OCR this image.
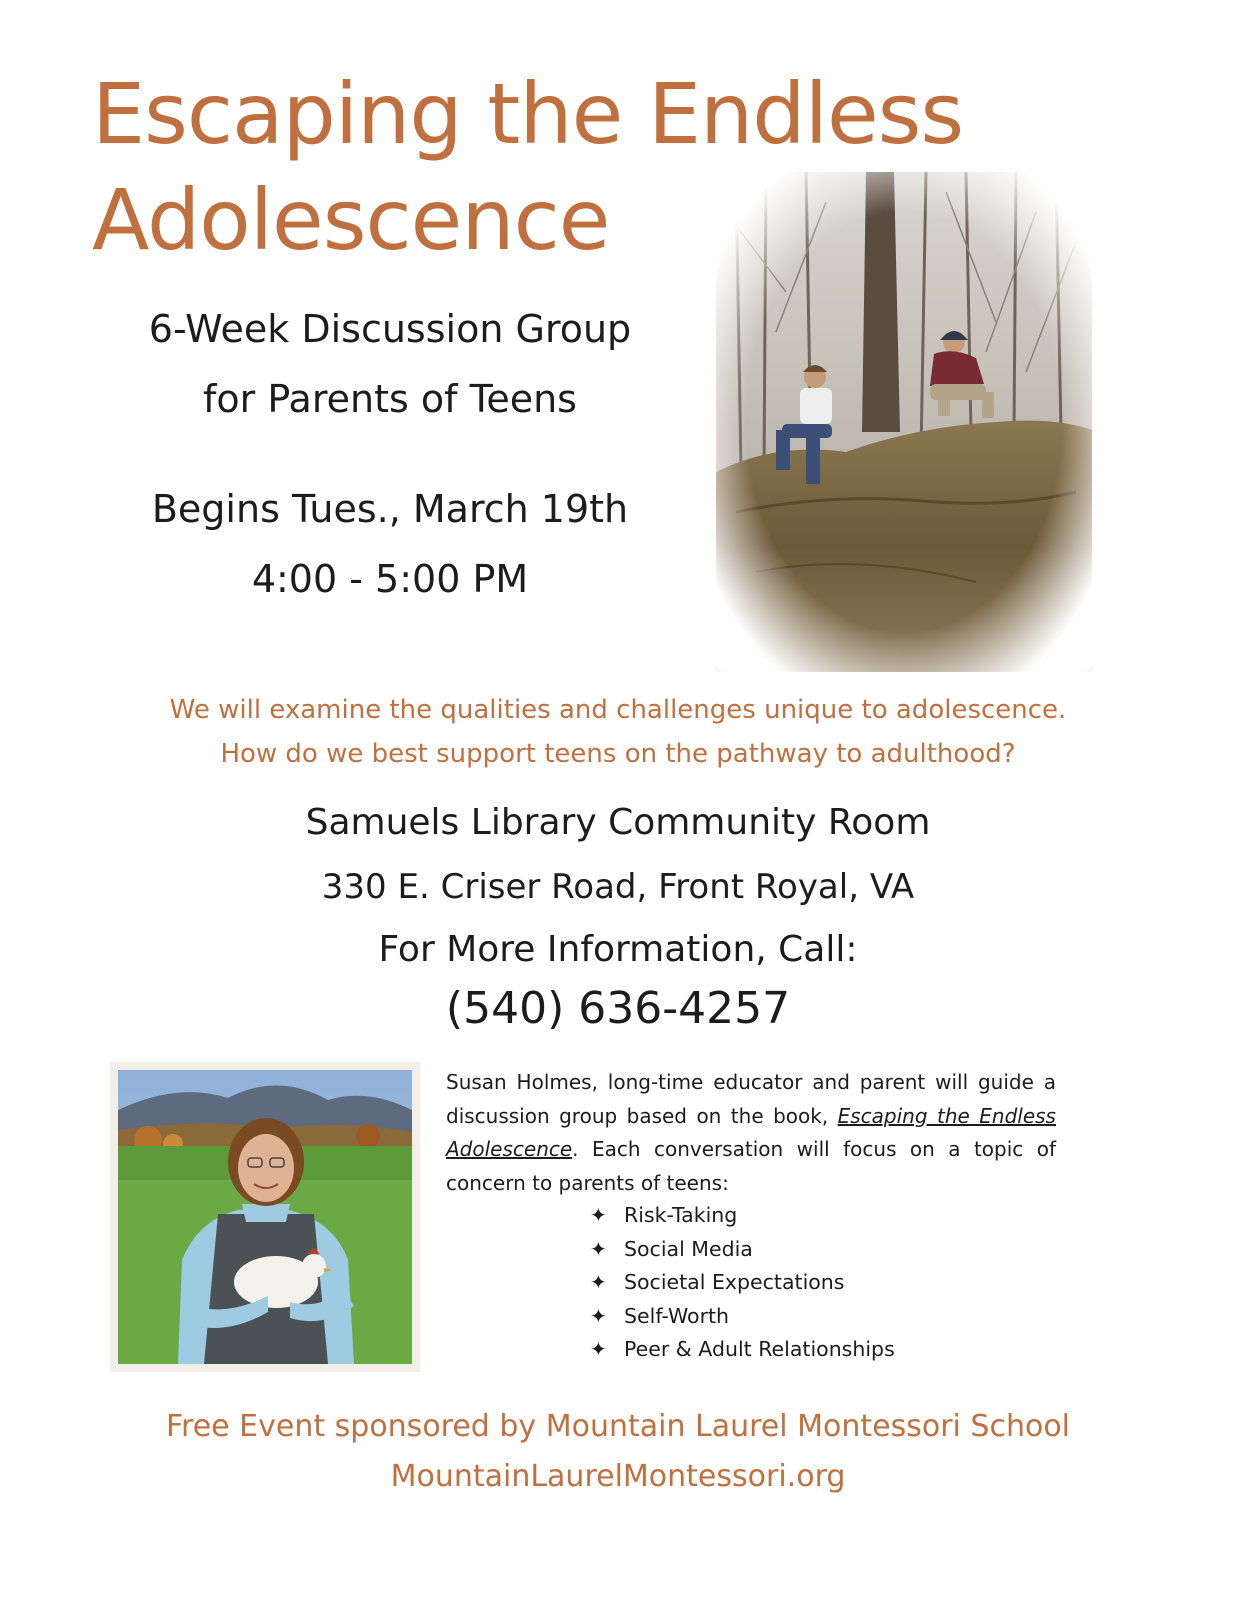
Escaping the Endless
Adolescence
6-Week Discussion Group
for Parents of Teens
Begins Tues., March 19th
4:00 - 5:00 PM
We will examine the qualities and challenges unique to adolescence.
How do we best support teens on the pathway to adulthood?
Samuels Library Community Room
330 E. Criser Road, Front Royal, VA
For More Information, Call:
(540) 636-4257
Susan Holmes, long-time educator and parent will guide a discussion group based on the book, Escaping the Endless Adolescence. Each conversation will focus on a topic of concern to parents of teens:
✦ Risk-Taking
✦ Social Media
✦ Societal Expectations
✦ Self-Worth
✦ Peer & Adult Relationships
Free Event sponsored by Mountain Laurel Montessori School
MountainLaurelMontessori.org
